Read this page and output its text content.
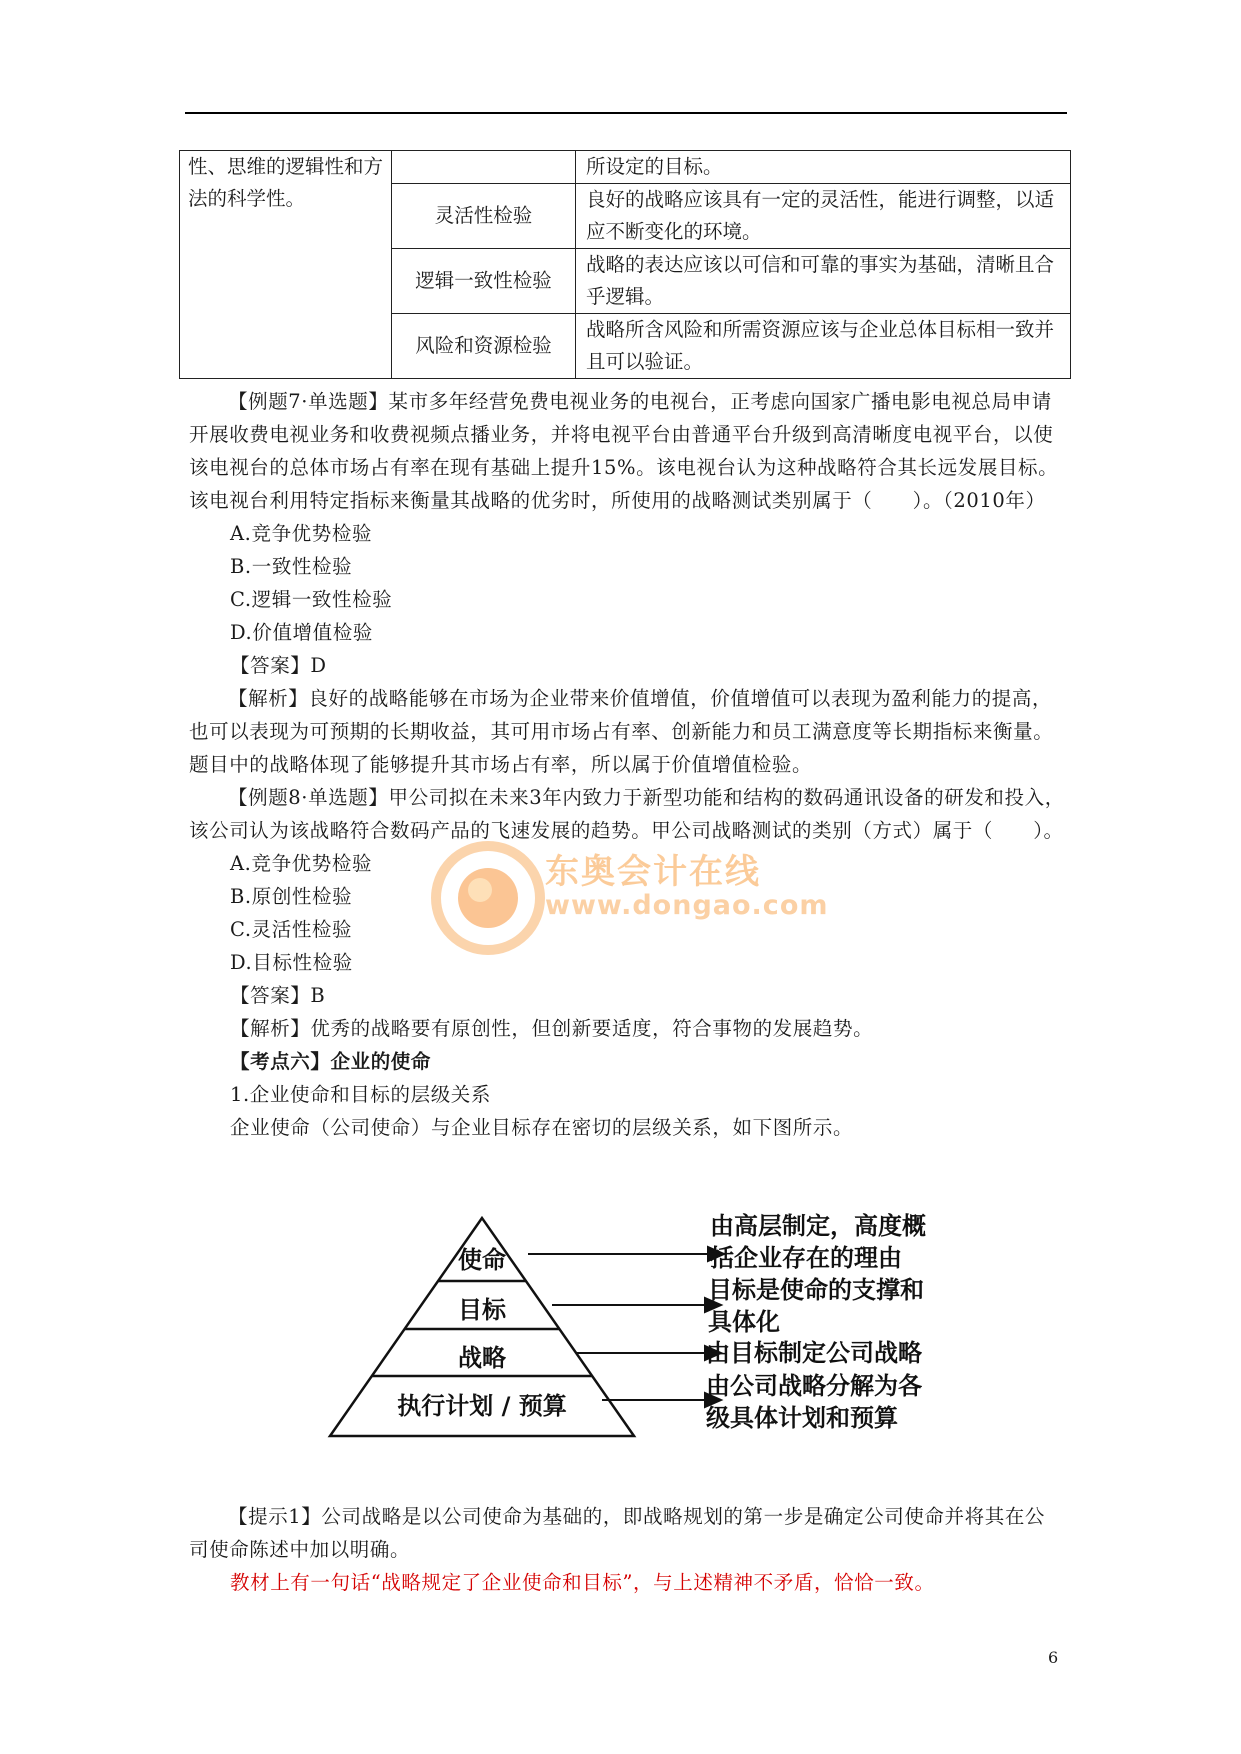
性、思维的逻辑性和方法的科学性。		所设定的目标。
	灵活性检验	良好的战略应该具有一定的灵活性，能进行调整，以适应不断变化的环境。
	逻辑一致性检验	战略的表达应该以可信和可靠的事实为基础，清晰且合乎逻辑。
	风险和资源检验	战略所含风险和所需资源应该与企业总体目标相一致并且可以验证。

【例题7·单选题】某市多年经营免费电视业务的电视台，正考虑向国家广播电影电视总局申请开展收费电视业务和收费视频点播业务，并将电视平台由普通平台升级到高清晰度电视平台，以使该电视台的总体市场占有率在现有基础上提升15%。该电视台认为这种战略符合其长远发展目标。该电视台利用特定指标来衡量其战略的优劣时，所使用的战略测试类别属于（　　）。（2010年）

A.竞争优势检验

B.一致性检验

C.逻辑一致性检验

D.价值增值检验

【答案】D

【解析】良好的战略能够在市场为企业带来价值增值，价值增值可以表现为盈利能力的提高，也可以表现为可预期的长期收益，其可用市场占有率、创新能力和员工满意度等长期指标来衡量。题目中的战略体现了能够提升其市场占有率，所以属于价值增值检验。

【例题8·单选题】甲公司拟在未来3年内致力于新型功能和结构的数码通讯设备的研发和投入，该公司认为该战略符合数码产品的飞速发展的趋势。甲公司战略测试的类别（方式）属于（　　）。

A.竞争优势检验

B.原创性检验

C.灵活性检验

D.目标性检验

【答案】B

【解析】优秀的战略要有原创性，但创新要适度，符合事物的发展趋势。

【考点六】企业的使命

1.企业使命和目标的层级关系

企业使命（公司使命）与企业目标存在密切的层级关系，如下图所示。

东奥会计在线
www.dongao.com
使命
目标
战略
执行计划 / 预算
由高层制定，高度概
括企业存在的理由
目标是使命的支撑和
具体化
由目标制定公司战略
由公司战略分解为各
级具体计划和预算

【提示1】公司战略是以公司使命为基础的，即战略规划的第一步是确定公司使命并将其在公司使命陈述中加以明确。

教材上有一句话“战略规定了企业使命和目标”，与上述精神不矛盾，恰恰一致。

6
